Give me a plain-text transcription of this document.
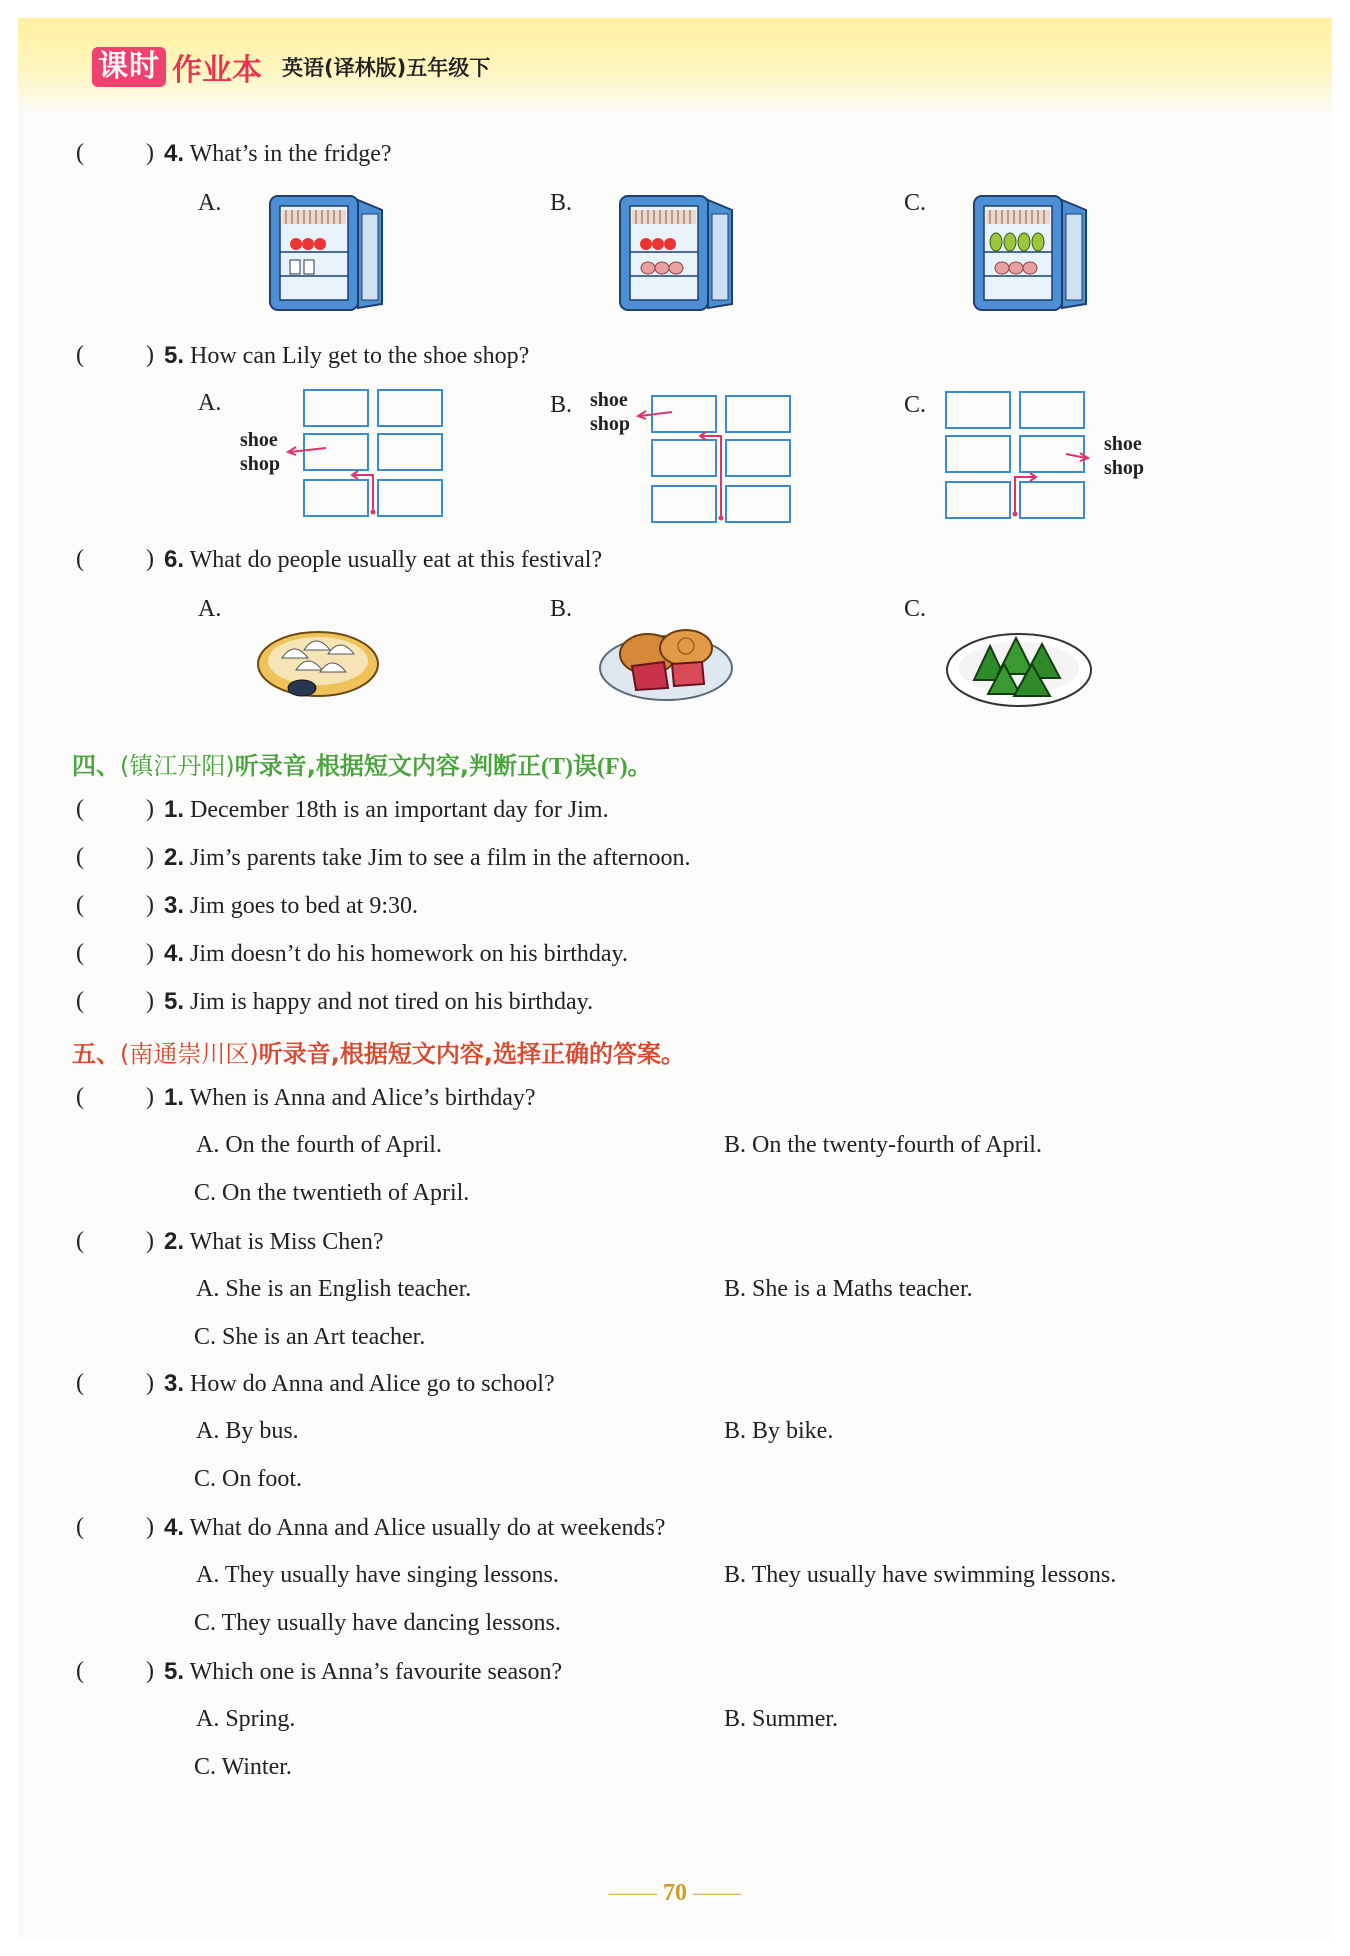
课时 作业本 英语(译林版)五年级下
(	) 4. What’s in the fridge?
A.	B.	C.
(	) 5. How can Lily get to the shoe shop?
A.	B.	C.
shoe
shop
shoe
shop
shoe
shop
(	) 6. What do people usually eat at this festival?
A.	B.	C.
四、(镇江丹阳)听录音,根据短文内容,判断正(T)误(F)。
(	) 1. December 18th is an important day for Jim.
(	) 2. Jim’s parents take Jim to see a film in the afternoon.
(	) 3. Jim goes to bed at 9:30.
(	) 4. Jim doesn’t do his homework on his birthday.
(	) 5. Jim is happy and not tired on his birthday.
五、(南通崇川区)听录音,根据短文内容,选择正确的答案。
(	) 1. When is Anna and Alice’s birthday?
A. On the fourth of April.	B. On the twenty-fourth of April.
C. On the twentieth of April.
(	) 2. What is Miss Chen?
A. She is an English teacher.	B. She is a Maths teacher.
C. She is an Art teacher.
(	) 3. How do Anna and Alice go to school?
A. By bus.	B. By bike.
C. On foot.
(	) 4. What do Anna and Alice usually do at weekends?
A. They usually have singing lessons.	B. They usually have swimming lessons.
C. They usually have dancing lessons.
(	) 5. Which one is Anna’s favourite season?
A. Spring.	B. Summer.
C. Winter.
—— 70 ——
